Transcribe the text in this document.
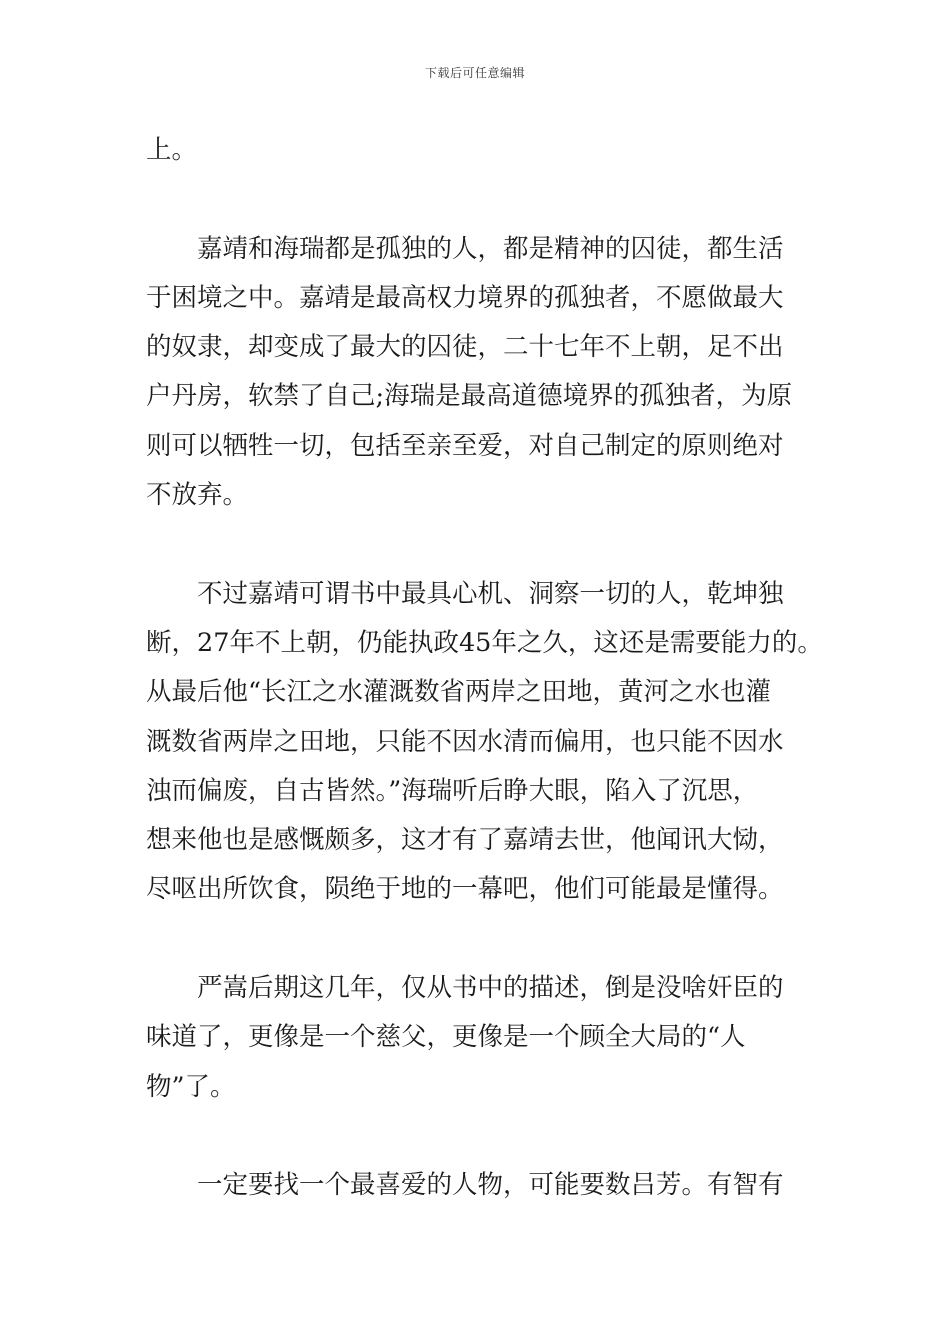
下载后可任意编辑
上。
嘉靖和海瑞都是孤独的人，都是精神的囚徒，都生活
于困境之中。嘉靖是最高权力境界的孤独者，不愿做最大
的奴隶，却变成了最大的囚徒，二十七年不上朝，足不出
户丹房，软禁了自己;海瑞是最高道德境界的孤独者，为原
则可以牺牲一切，包括至亲至爱，对自己制定的原则绝对
不放弃。
不过嘉靖可谓书中最具心机、洞察一切的人，乾坤独
断，27年不上朝，仍能执政45年之久，这还是需要能力的。
从最后他“长江之水灌溉数省两岸之田地，黄河之水也灌
溉数省两岸之田地，只能不因水清而偏用，也只能不因水
浊而偏废，自古皆然。”海瑞听后睁大眼，陷入了沉思，
想来他也是感慨颇多，这才有了嘉靖去世，他闻讯大恸，
尽呕出所饮食，陨绝于地的一幕吧，他们可能最是懂得。
严嵩后期这几年，仅从书中的描述，倒是没啥奸臣的
味道了，更像是一个慈父，更像是一个顾全大局的“人
物”了。
一定要找一个最喜爱的人物，可能要数吕芳。有智有
